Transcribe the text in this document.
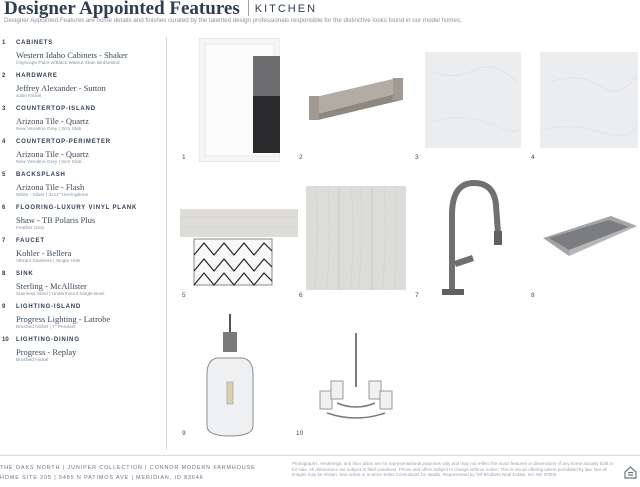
Designer Appointed Features KITCHEN
Designer Appointed Features are home details and finishes curated by the talented design professionals responsible for the distinctive looks found in our model homes.
1 CABINETS
Western Idaho Cabinets - Shaker
Cityscape Paint w/Black Walnut Stain Birdseland
2 HARDWARE
Jeffrey Alexander - Sutton
Satin Nickel
3 COUNTERTOP-ISLAND
Arizona Tile - Quartz
New Venatino Grey | 3cm Slab
4 COUNTERTOP-PERIMETER
Arizona Tile - Quartz
New Venatino Grey | 3cm Slab
5 BACKSPLASH
Arizona Tile - Flash
White - Silver | 3x12" Herringbone
6 FLOORING-LUXURY VINYL PLANK
Shaw - TB Polaris Plus
Feather Grey
7 FAUCET
Kohler - Bellera
Vibrant Stainless | Single Hole
8 SINK
Sterling - McAllister
Stainless Steel | Undermount Single Bowl
9 LIGHTING-ISLAND
Progress Lighting - Latrobe
Brushed Nickel | 7" Pendant
10 LIGHTING-DINING
Progress - Replay
Brushed Nickel
1	2	3	4
5	6	7	8
9	10
THE OAKS NORTH | JUNIPER COLLECTION | CONNOR MODERN FARMHOUSE
HOME SITE 205 | 5485 N PATIMOS AVE | MERIDIAN, ID 83646
Photographs, renderings, and floor plans are for representational purposes only and may not reflect the exact features or dimensions of any home actually built or for sale. All dimensions are subject to field variations. Prices and offers subject to change without notice. This is not an offering where prohibited by law. Not all images may be shown. See online or in-store Sales Consultants for details. Represented by Toll Brothers Real Estate, Inc. RE #0000
